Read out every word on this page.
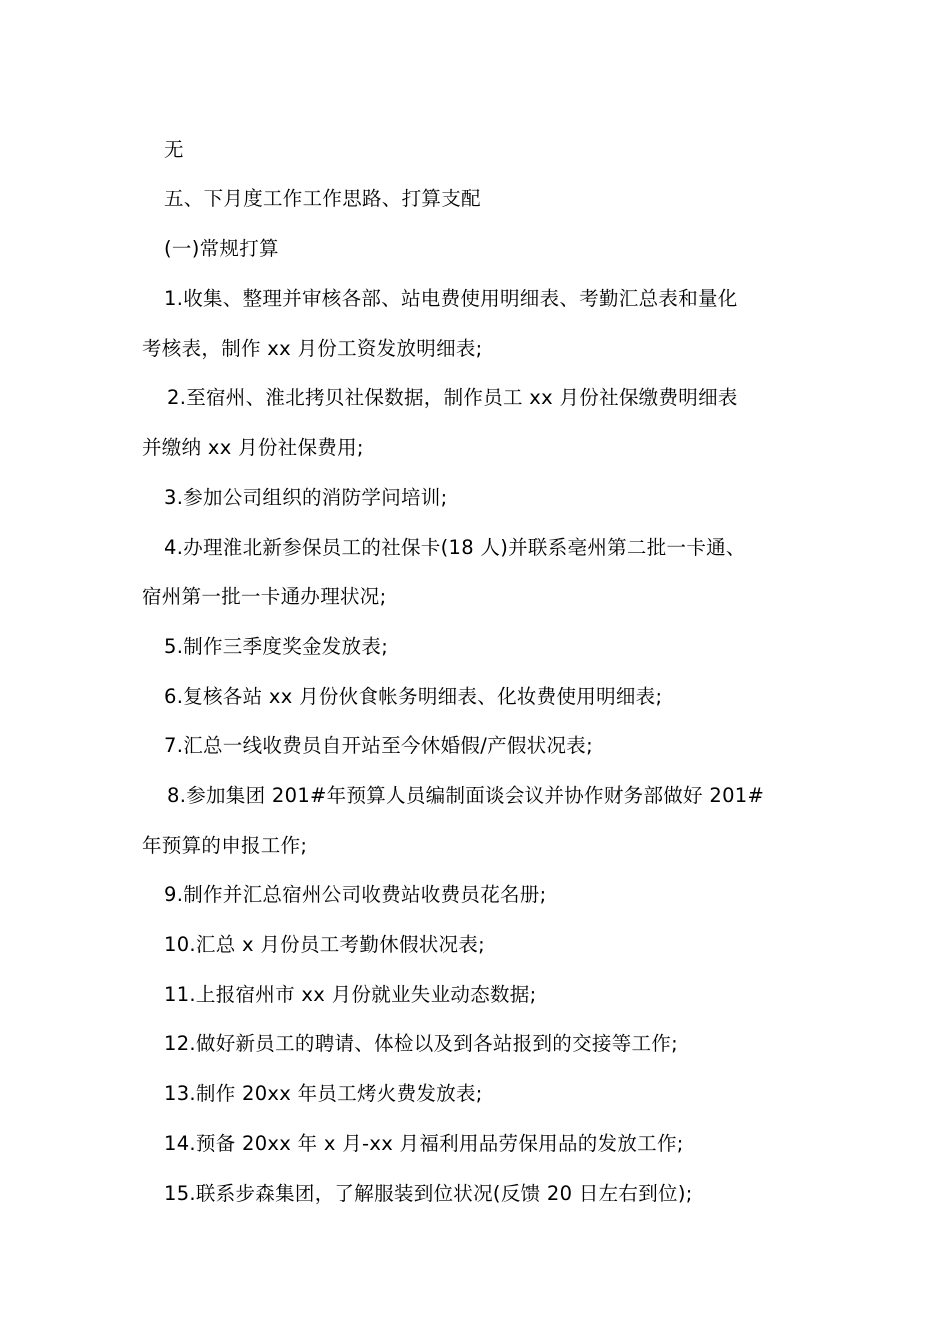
无
五、下月度工作工作思路、打算支配
(一)常规打算
1.收集、整理并审核各部、站电费使用明细表、考勤汇总表和量化
考核表，制作 xx 月份工资发放明细表;
2.至宿州、淮北拷贝社保数据，制作员工 xx 月份社保缴费明细表
并缴纳 xx 月份社保费用;
3.参加公司组织的消防学问培训;
4.办理淮北新参保员工的社保卡(18 人)并联系亳州第二批一卡通、
宿州第一批一卡通办理状况;
5.制作三季度奖金发放表;
6.复核各站 xx 月份伙食帐务明细表、化妆费使用明细表;
7.汇总一线收费员自开站至今休婚假/产假状况表;
8.参加集团 201#年预算人员编制面谈会议并协作财务部做好 201#
年预算的申报工作;
9.制作并汇总宿州公司收费站收费员花名册;
10.汇总 x 月份员工考勤休假状况表;
11.上报宿州市 xx 月份就业失业动态数据;
12.做好新员工的聘请、体检以及到各站报到的交接等工作;
13.制作 20xx 年员工烤火费发放表;
14.预备 20xx 年 x 月-xx 月福利用品劳保用品的发放工作;
15.联系步森集团，了解服装到位状况(反馈 20 日左右到位);
